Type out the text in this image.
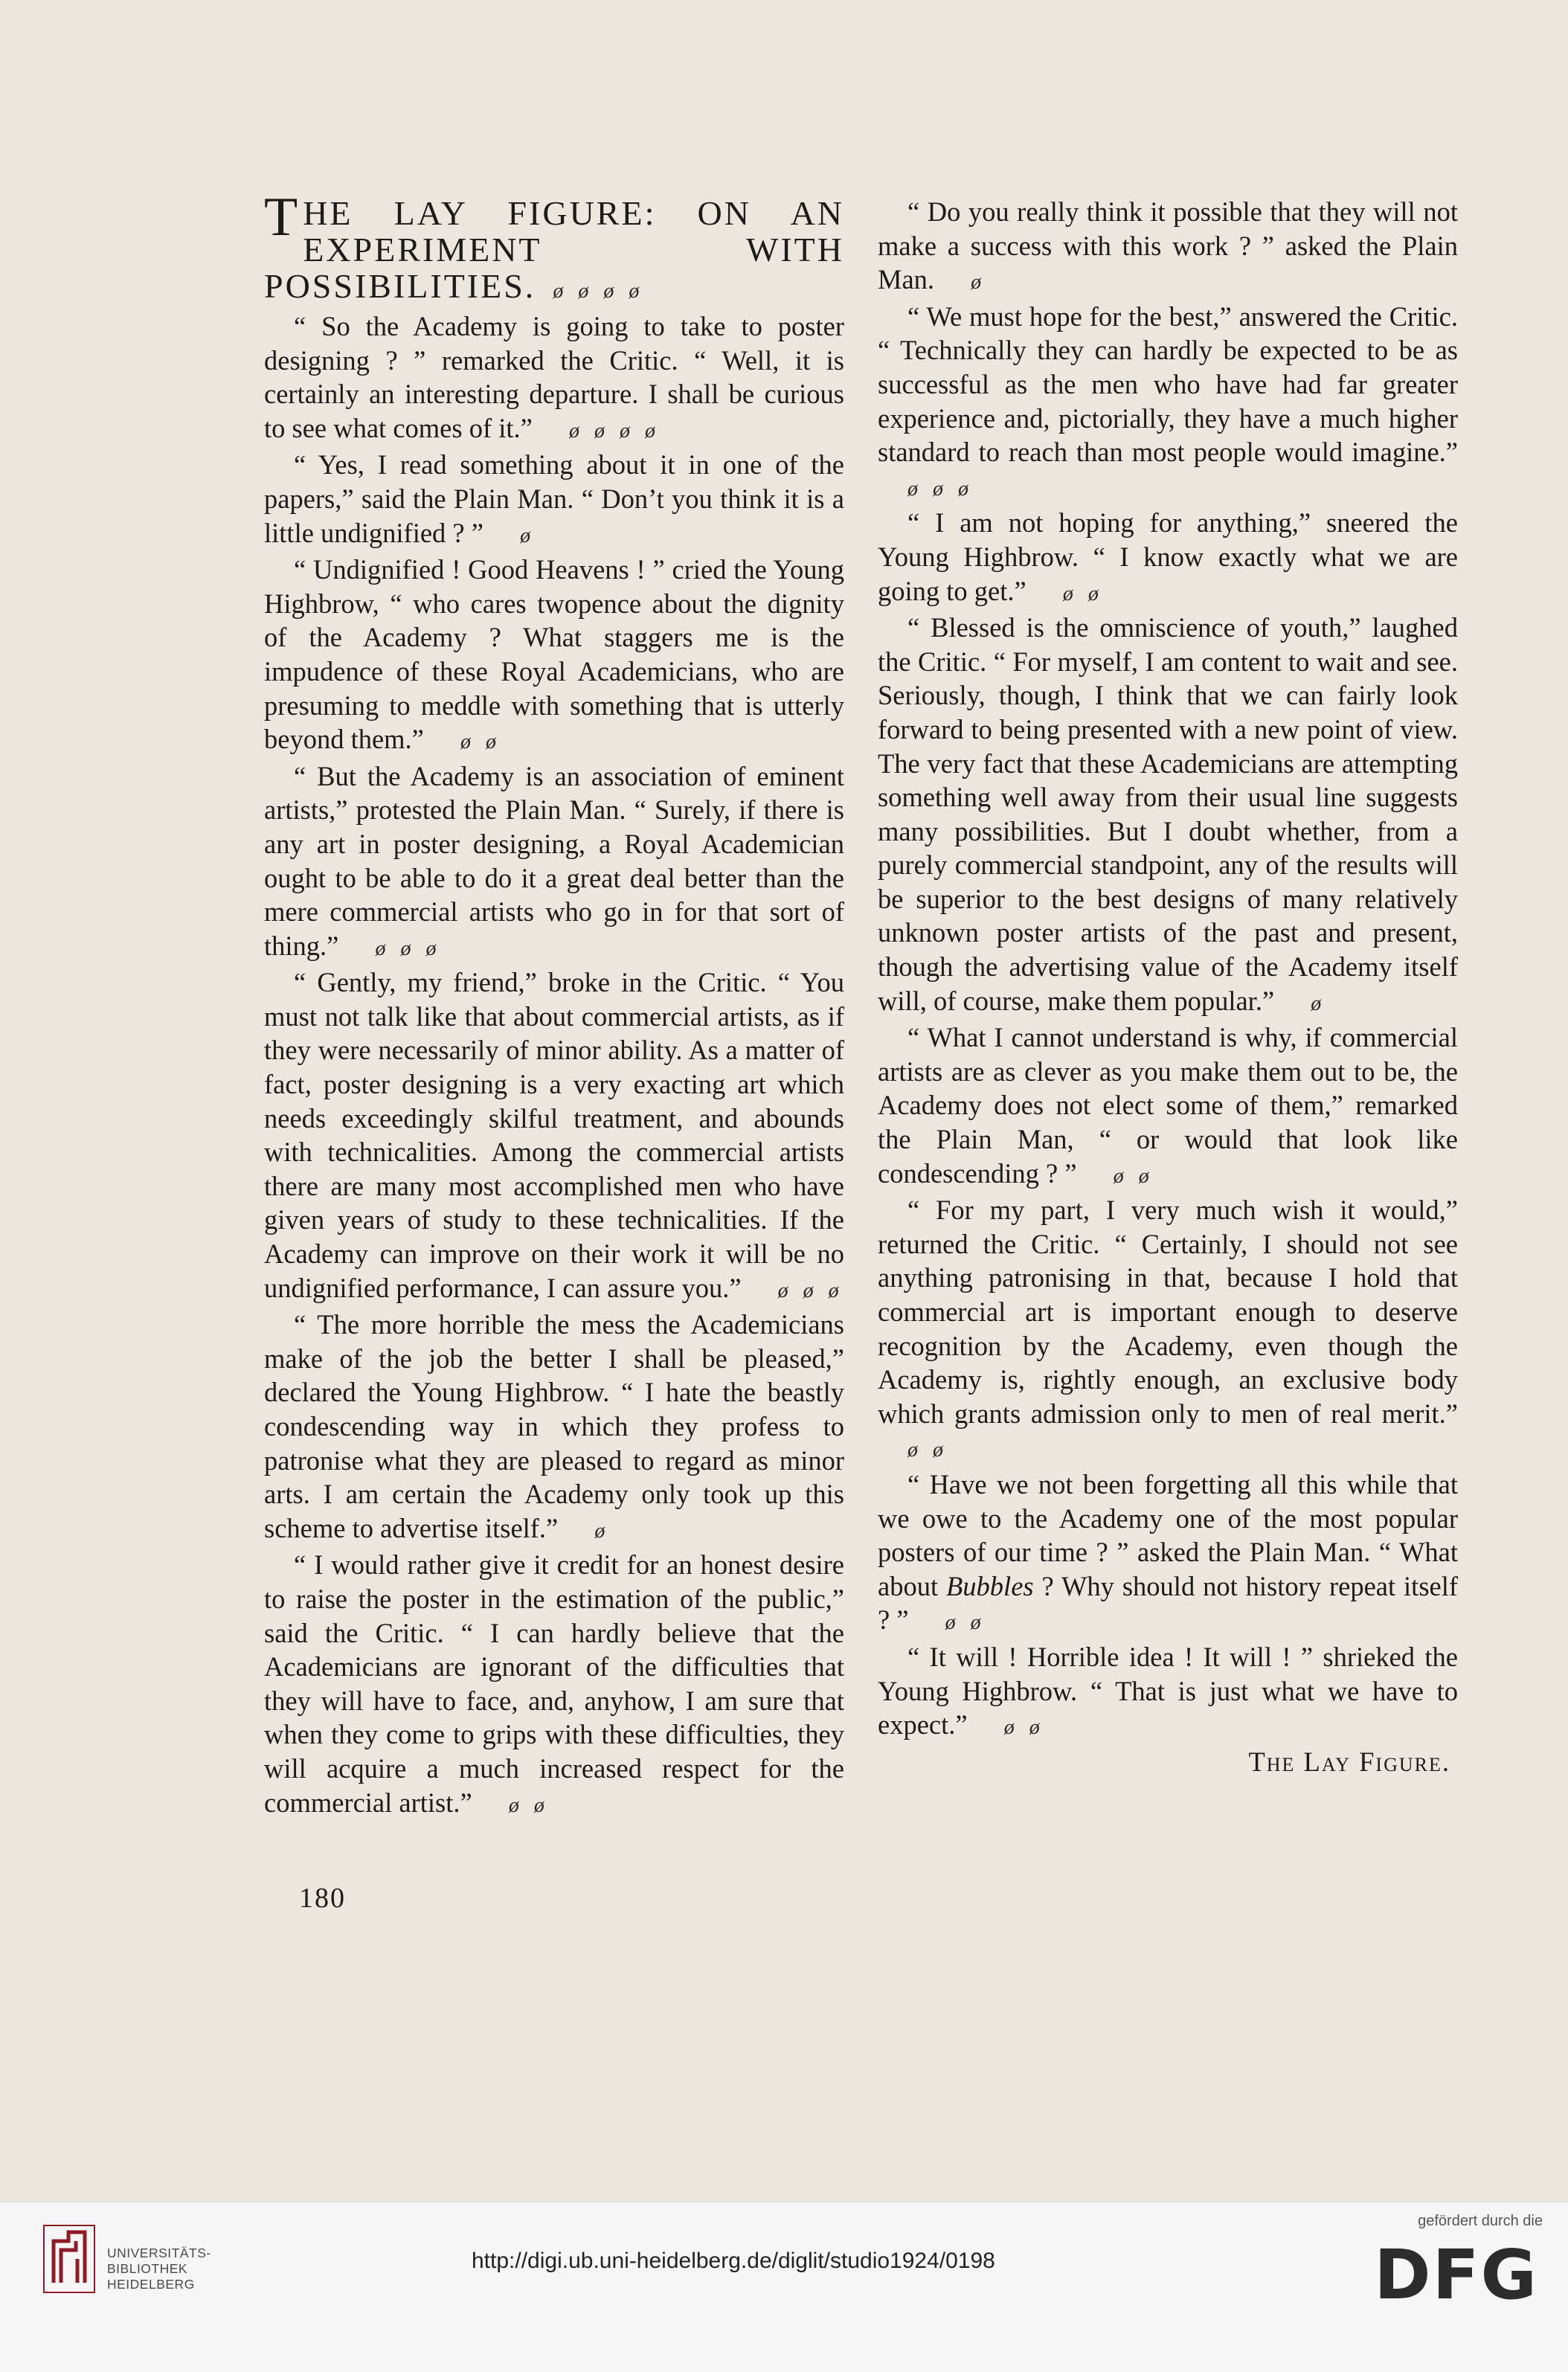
THE LAY FIGURE: ON AN EXPERIMENT WITH POSSIBILITIES. ø ø ø ø

“ So the Academy is going to take to poster designing ? ” remarked the Critic. “ Well, it is certainly an interesting departure. I shall be curious to see what comes of it.” ø ø ø ø

“ Yes, I read something about it in one of the papers,” said the Plain Man. “ Don’t you think it is a little undignified ? ” ø

“ Undignified ! Good Heavens ! ” cried the Young Highbrow, “ who cares twopence about the dignity of the Academy ? What staggers me is the impudence of these Royal Academicians, who are presuming to meddle with something that is utterly beyond them.” ø ø

“ But the Academy is an association of eminent artists,” protested the Plain Man. “ Surely, if there is any art in poster designing, a Royal Academician ought to be able to do it a great deal better than the mere commercial artists who go in for that sort of thing.” ø ø ø

“ Gently, my friend,” broke in the Critic. “ You must not talk like that about commercial artists, as if they were necessarily of minor ability. As a matter of fact, poster designing is a very exacting art which needs exceedingly skilful treatment, and abounds with technicalities. Among the commercial artists there are many most accomplished men who have given years of study to these technicalities. If the Academy can improve on their work it will be no undignified performance, I can assure you.” ø ø ø

“ The more horrible the mess the Academicians make of the job the better I shall be pleased,” declared the Young Highbrow. “ I hate the beastly condescending way in which they profess to patronise what they are pleased to regard as minor arts. I am certain the Academy only took up this scheme to advertise itself.” ø

“ I would rather give it credit for an honest desire to raise the poster in the estimation of the public,” said the Critic. “ I can hardly believe that the Academicians are ignorant of the difficulties that they will have to face, and, anyhow, I am sure that when they come to grips with these difficulties, they will acquire a much increased respect for the commercial artist.” ø ø

“ Do you really think it possible that they will not make a success with this work ? ” asked the Plain Man. ø

“ We must hope for the best,” answered the Critic. “ Technically they can hardly be expected to be as successful as the men who have had far greater experience and, pictorially, they have a much higher standard to reach than most people would imagine.” ø ø ø

“ I am not hoping for anything,” sneered the Young Highbrow. “ I know exactly what we are going to get.” ø ø

“ Blessed is the omniscience of youth,” laughed the Critic. “ For myself, I am content to wait and see. Seriously, though, I think that we can fairly look forward to being presented with a new point of view. The very fact that these Academicians are attempting something well away from their usual line suggests many possibilities. But I doubt whether, from a purely commercial standpoint, any of the results will be superior to the best designs of many relatively unknown poster artists of the past and present, though the advertising value of the Academy itself will, of course, make them popular.” ø

“ What I cannot understand is why, if commercial artists are as clever as you make them out to be, the Academy does not elect some of them,” remarked the Plain Man, “ or would that look like condescending ? ” ø ø

“ For my part, I very much wish it would,” returned the Critic. “ Certainly, I should not see anything patronising in that, because I hold that commercial art is important enough to deserve recognition by the Academy, even though the Academy is, rightly enough, an exclusive body which grants admission only to men of real merit.” ø ø

“ Have we not been forgetting all this while that we owe to the Academy one of the most popular posters of our time ? ” asked the Plain Man. “ What about Bubbles ? Why should not history repeat itself ? ” ø ø

“ It will ! Horrible idea ! It will ! ” shrieked the Young Highbrow. “ That is just what we have to expect.” ø ø

The Lay Figure.

180
UNIVERSITÄTS-
BIBLIOTHEK
HEIDELBERG
http://digi.ub.uni-heidelberg.de/diglit/studio1924/0198
gefördert durch die
DFG
